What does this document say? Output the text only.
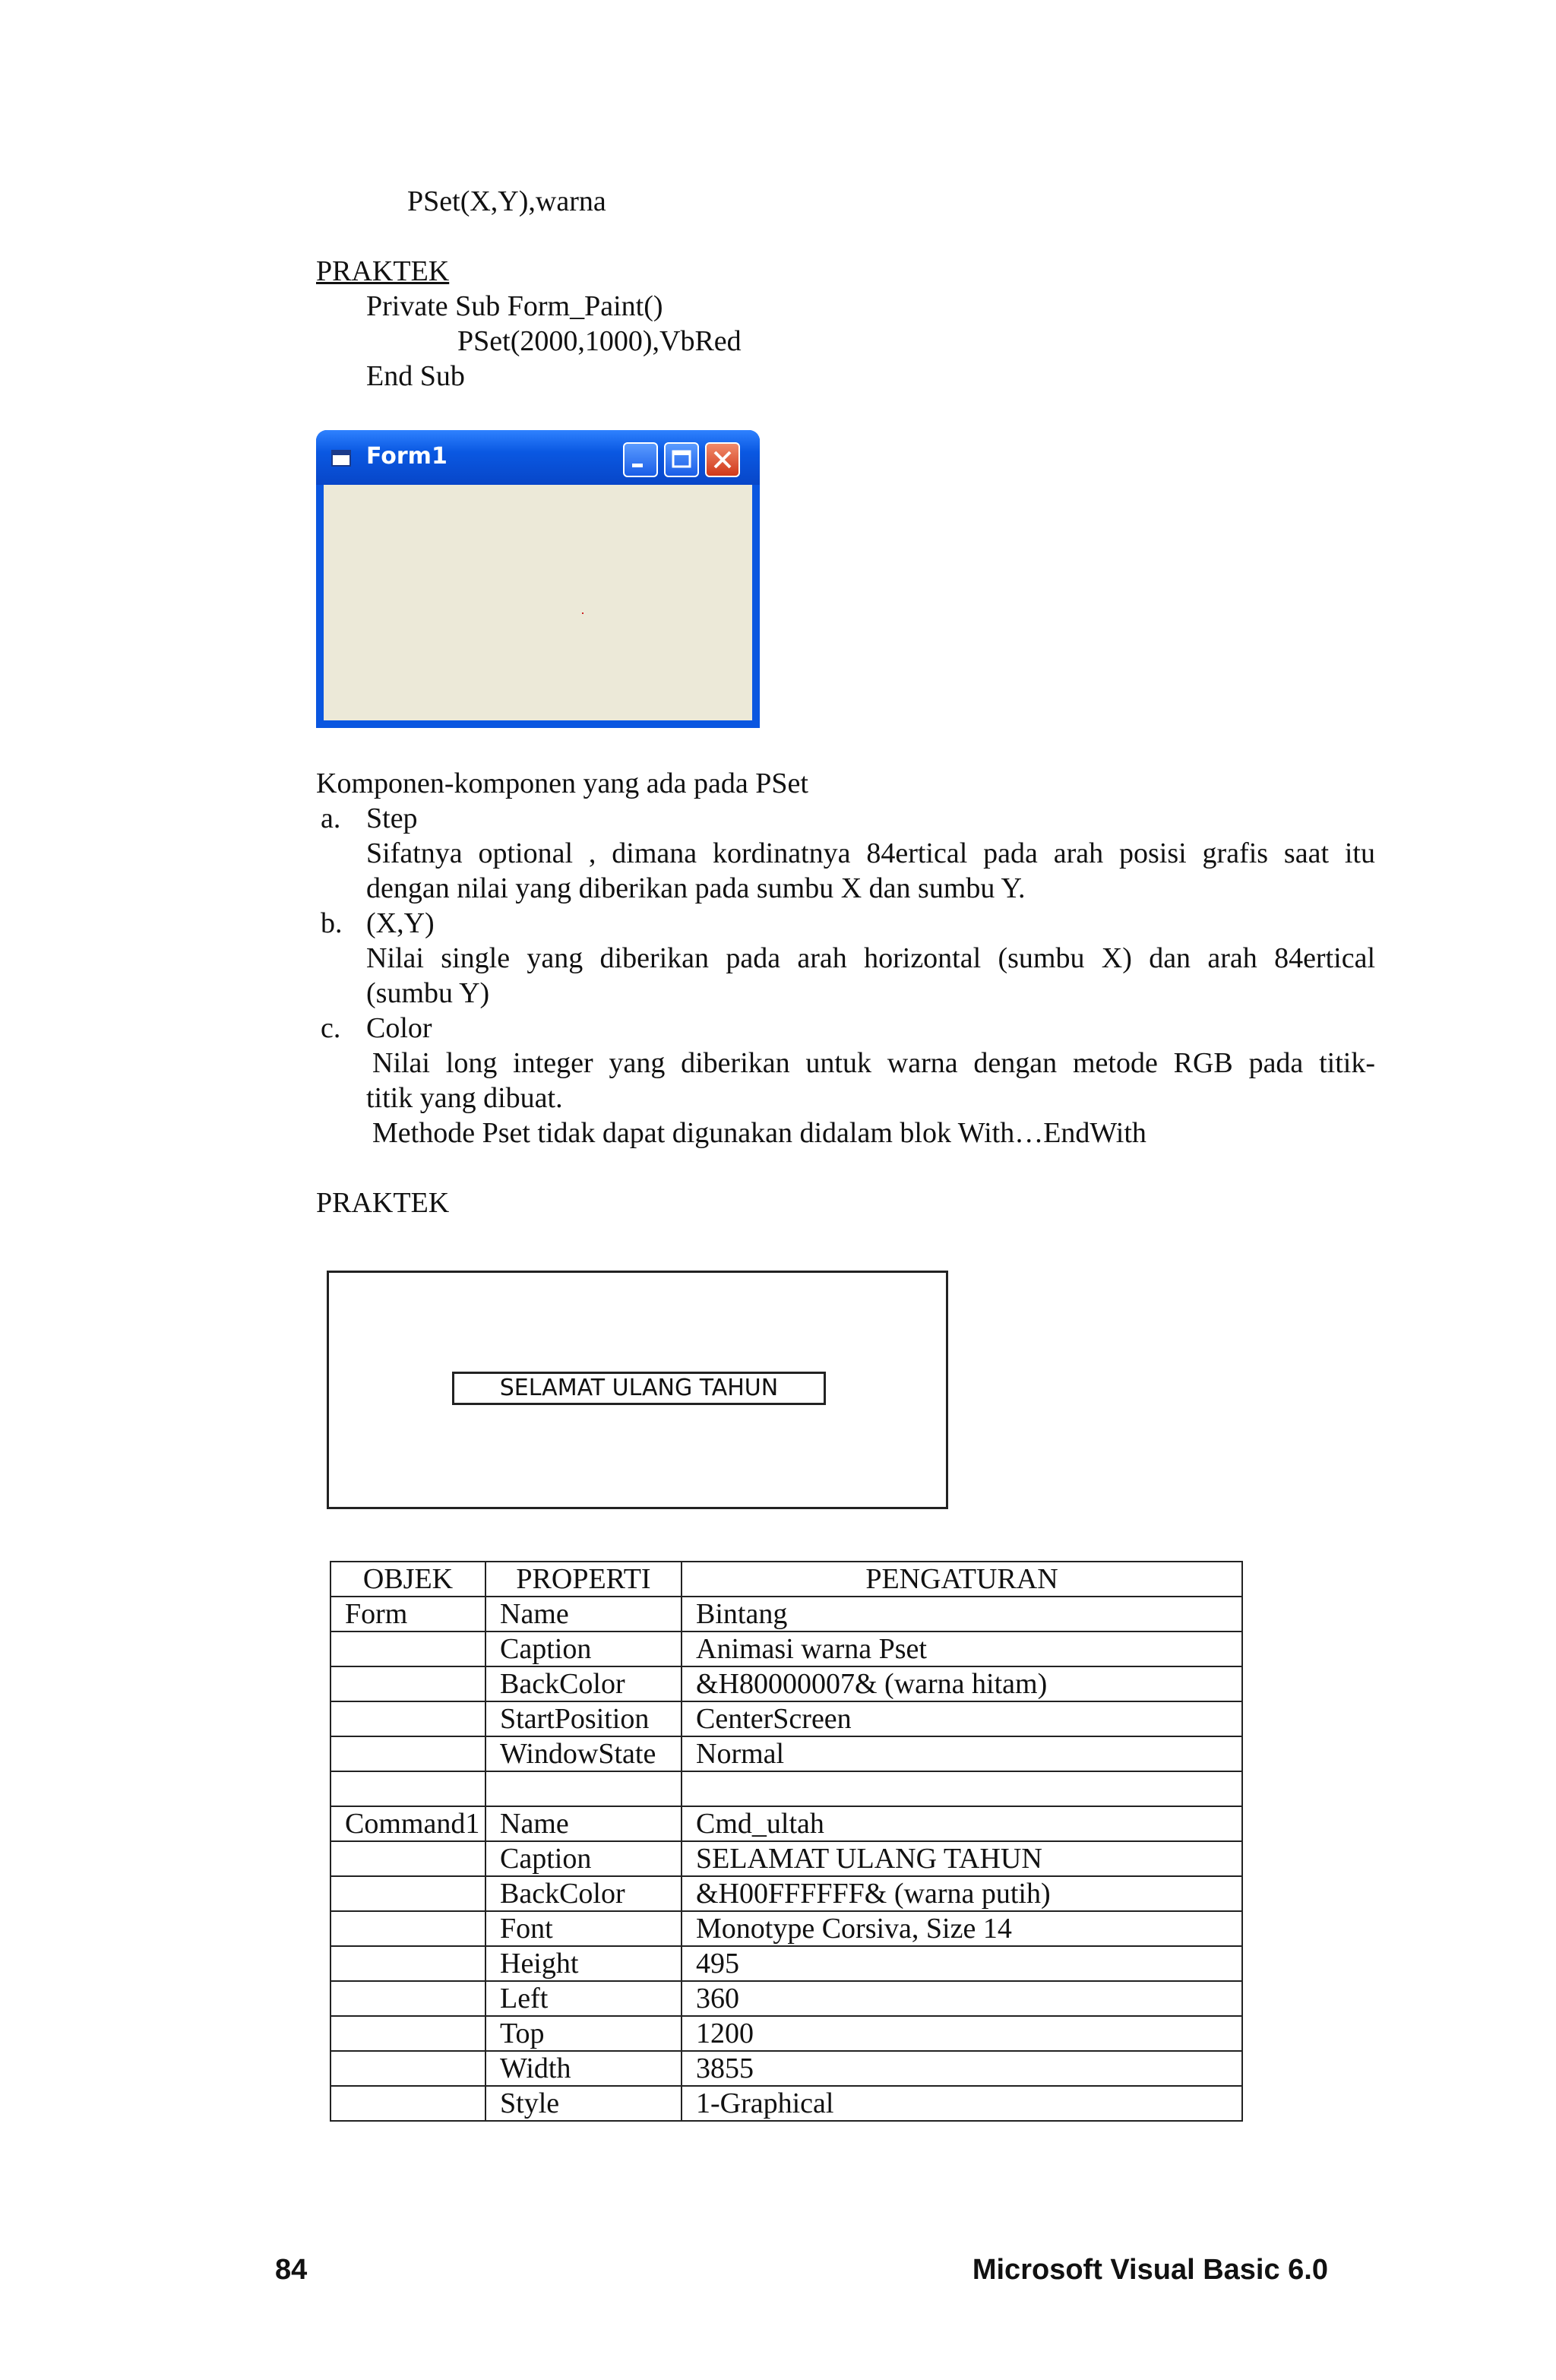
PSet(X,Y),warna
PRAKTEK
Private Sub Form_Paint()
PSet(2000,1000),VbRed
End Sub
Form1
Komponen-komponen yang ada pada PSet
a. Step
Sifatnya optional , dimana kordinatnya 84ertical pada arah posisi grafis saat itu
dengan nilai yang diberikan pada sumbu X dan sumbu Y.
b. (X,Y)
Nilai single yang diberikan pada arah horizontal (sumbu X) dan arah 84ertical
(sumbu Y)
c. Color
Nilai long integer yang diberikan untuk warna dengan metode RGB pada titik-
titik yang dibuat.
Methode Pset tidak dapat digunakan didalam blok With…EndWith
PRAKTEK
SELAMAT ULANG TAHUN
OBJEK	PROPERTI	PENGATURAN
Form	Name	Bintang
	Caption	Animasi warna Pset
	BackColor	&H80000007& (warna hitam)
	StartPosition	CenterScreen
	WindowState	Normal

Command1	Name	Cmd_ultah
	Caption	SELAMAT ULANG TAHUN
	BackColor	&H00FFFFFF& (warna putih)
	Font	Monotype Corsiva, Size 14
	Height	495
	Left	360
	Top	1200
	Width	3855
	Style	1-Graphical
84	Microsoft Visual Basic 6.0
